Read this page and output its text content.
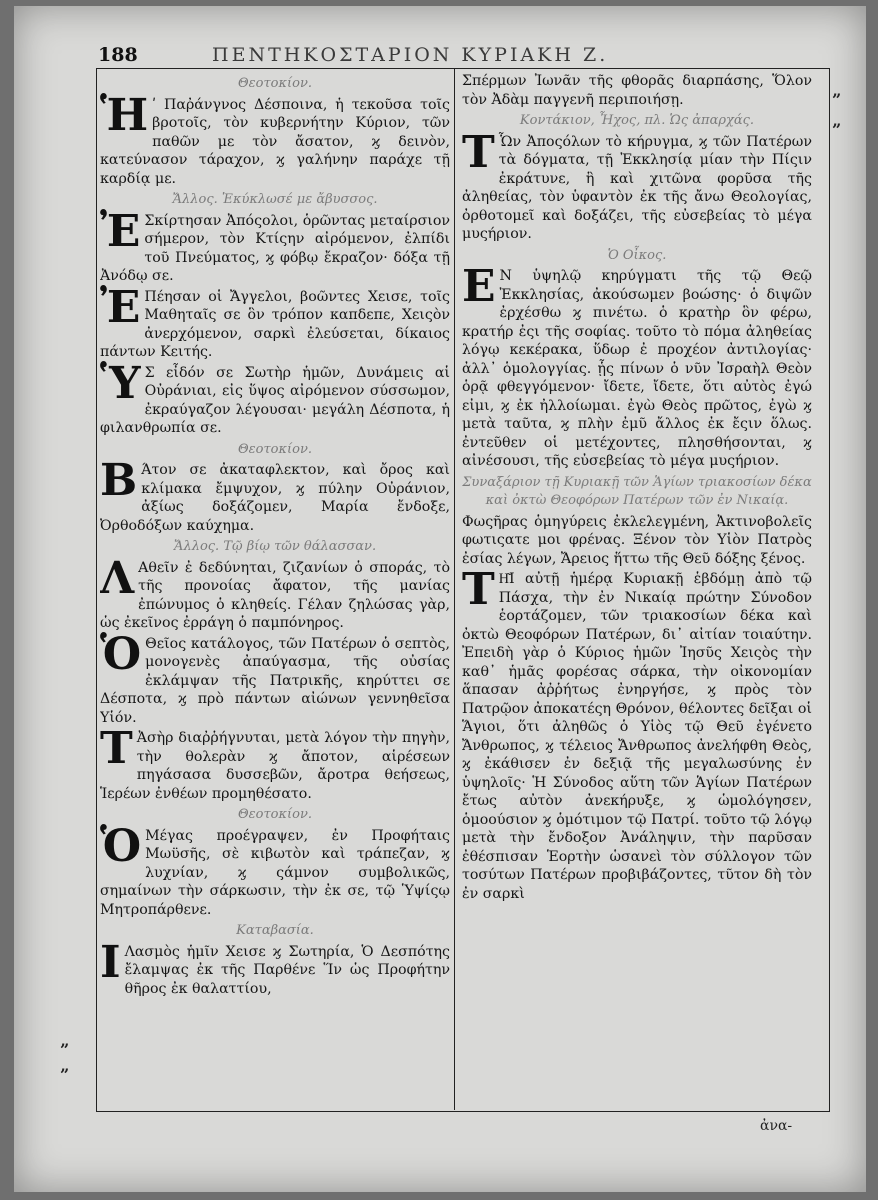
188	ΠΕΝΤΗΚΟΣΤΑΡΙΟΝ ΚΥΡΙΑΚΗ Ζ.
Θεοτοκίον.

Ἡ ʹ Παῤάνγνος Δέσποινα, ἡ τεκοῦσα τοῖς βροτοῖς, τὸν κυβερνήτην Κύριον, τῶν παθῶν με τὸν ἄσατον, ϗ δεινὸν, κατεύνασον τάραχον, ϗ γαλήνην παράχε τῇ καρδίᾳ με.

Ἄλλος. Ἐκύκλωσέ με ἄβυσσος.

Ἐ Σκίρτησαν Ἀπόςολοι, ὁρῶντας μεταίρσιον σήμερον, τὸν Κτίςην αἰρόμενον, ἐλπίδι τοῦ Πνεύματος, ϗ φόβῳ ἔκραζον· δόξα τῇ Ἀνόδῳ σε.

Ἐ Πέησαν οἱ Ἄγγελοι, βοῶντες Χεισε, τοῖς Μαθηταῖς σε ὃν τρόπον καπδεπε, Χειςὸν ἀνερχόμενον, σαρκὶ ἐλεύσεται, δίκαιος πάντων Κειτής.

Ὑ Σ εἶδόν σε Σωτὴρ ἡμῶν, Δυνάμεις αἱ Οὐράνιαι, εἰς ὕψος αἰρόμενον σύσσωμον, ἐκραύγαζον λέγουσαι· μεγάλη Δέσποτα, ἡ φιλανθρωπία σε.

Θεοτοκίον.

Β Άτον σε ἀκαταφλεκτον, καὶ ὄρος καὶ κλίμακα ἔμψυχον, ϗ πύλην Οὐράνιον, ἀξίως δοξάζομεν, Μαρία ἔνδοξε, Ὀρθοδόξων καύχημα.

Ἄλλος. Τῷ βίῳ τῶν θάλασσαν.

Λ Αθεῖν ἐ δεδύνηται, ζιζανίων ὁ σποράς, τὸ τῆς προνοίας ἄφατον, τῆς μανίας ἐπώνυμος ὁ κληθείς. Γέλαν ζηλώσας γὰρ, ὡς ἐκεῖνος ἐρράγη ὁ παμπόνηρος.

Ὁ Θεῖος κατάλογος, τῶν Πατέρων ὁ σεπτὸς, μονογενὲς ἀπαύγασμα, τῆς οὐσίας ἐκλάμψαν τῆς Πατρικῆς, κηρύττει σε Δέσποτα, ϗ πρὸ πάντων αἰώνων γεννηθεῖσα Υἱόν.

Τ Ἀσὴρ διαῤῥήγνυται, μετὰ λόγον τὴν πηγὴν, τὴν θολερὰν ϗ ἄποτον, αἱρέσεων πηγάσασα δυσσεβῶν, ἄροτρα θεήσεως, Ἱερέων ἐνθέων προμηθέσατο.

Θεοτοκίον.

Ὁ Μέγας προέγραψεν, ἐν Προφήταις Μωϋσῆς, σὲ κιβωτὸν καὶ τράπεζαν, ϗ λυχνίαν, ϗ ςάμνον συμβολικῶς, σημαίνων τὴν σάρκωσιν, τὴν ἐκ σε, τῷ Ὑψίςῳ Μητροπάρθενε.

Καταβασία.

Ι Λασμὸς ἡμῖν Χεισε ϗ Σωτηρία, Ὁ Δεσπότης ἔλαμψας ἐκ τῆς Παρθένε Ἵν ὡς Προφήτην θῆρος ἐκ θαλαττίου,

Σπέρμων Ἰωνᾶν τῆς φθορᾶς διαρπάσης, Ὅλον τὸν Ἀδὰμ παγγενῆ περιποιήσῃ.

Κοντάκιον, Ἦχος, πλ. Ὡς ἀπαρχάς.

Τ Ὧν Ἀποςόλων τὸ κήρυγμα, ϗ τῶν Πατέρων τὰ δόγματα, τῇ Ἐκκλησίᾳ μίαν τὴν Πίςιν ἐκράτυνε, ἣ καὶ χιτῶνα φορῦσα τῆς ἀληθείας, τὸν ὑφαντὸν ἐκ τῆς ἄνω Θεολογίας, ὀρθοτομεῖ καὶ δοξάζει, τῆς εὐσεβείας τὸ μέγα μυςήριον.

Ὁ Οἶκος.

Ε Ν ὑψηλῷ κηρύγματι τῆς τῷ Θεῷ Ἐκκλησίας, ἀκούσωμεν βοώσης· ὁ διψῶν ἐρχέσθω ϗ πινέτω. ὁ κρατὴρ ὃν φέρω, κρατήρ ἐςι τῆς σοφίας. τοῦτο τὸ πόμα ἀληθείας λόγῳ κεκέρακα, ὕδωρ ἐ προχέον ἀντιλογίας· ἀλλ᾽ ὁμολογγίας. ᾗς πίνων ὁ νῦν Ἰσραὴλ Θεὸν ὁρᾷ φθεγγόμενον· ἴδετε, ἴδετε, ὅτι αὐτὸς ἐγώ εἰμι, ϗ ἐκ ἠλλοίωμαι. ἐγὼ Θεὸς πρῶτος, ἐγὼ ϗ μετὰ ταῦτα, ϗ πλὴν ἐμῦ ἄλλος ἐκ ἔςιν ὅλως. ἐντεῦθεν οἱ μετέχοντες, πλησθήσονται, ϗ αἰνέσουσι, τῆς εὐσεβείας τὸ μέγα μυςήριον.

Συναξάριον τῇ Κυριακῇ τῶν Ἁγίων τριακοσίων δέκα καὶ ὀκτὼ Θεοφόρων Πατέρων τῶν ἐν Νικαίᾳ.

Φωςῆρας ὁμηγύρεις ἐκλελεγμένη, Ἀκτινοβολεῖς φωτιςατε μοι φρένας. Ξένον τὸν Υἱὸν Πατρὸς ἐσίας λέγων, Ἄρειος ἥττω τῆς Θεῦ δόξης ξένος.

ΤΗ͂Ι αὐτῇ ἡμέρᾳ Κυριακῇ ἑβδόμῃ ἀπὸ τῷ Πάσχα, τὴν ἐν Νικαίᾳ πρώτην Σύνοδον ἑορτάζομεν, τῶν τριακοσίων δέκα καὶ ὀκτὼ Θεοφόρων Πατέρων, δι᾽ αἰτίαν τοιαύτην. Ἐπειδὴ γὰρ ὁ Κύριος ἡμῶν Ἰησῦς Χειςὸς τὴν καθ᾽ ἡμᾶς φορέσας σάρκα, τὴν οἰκονομίαν ἅπασαν ἀῤῥήτως ἐνηργήσε, ϗ πρὸς τὸν Πατρῷον ἀποκατέςη Θρόνον, θέλοντες δεῖξαι οἱ Ἅγιοι, ὅτι ἀληθῶς ὁ Υἱὸς τῷ Θεῦ ἐγένετο Ἄνθρωπος, ϗ τέλειος Ἄνθρωπος ἀνελήφθη Θεὸς, ϗ ἐκάθισεν ἐν δεξιᾷ τῆς μεγαλωσύνης ἐν ὑψηλοῖς· Ἡ Σύνοδος αὕτη τῶν Ἁγίων Πατέρων ἔτως αὐτὸν ἀνεκήρυξε, ϗ ὡμολόγησεν, ὁμοούσιον ϗ ὁμότιμον τῷ Πατρί. τοῦτο τῷ λόγῳ μετὰ τὴν ἔνδοξον Ἀνάληψιν, τὴν παρῦσαν ἐθέσπισαν Ἑορτὴν ὡσανεὶ τὸν σύλλογον τῶν τοσύτων Πατέρων προβιβάζοντες, τῦτον δὴ τὸν ἐν σαρκὶ

ἀνα-
”
”
”
”
